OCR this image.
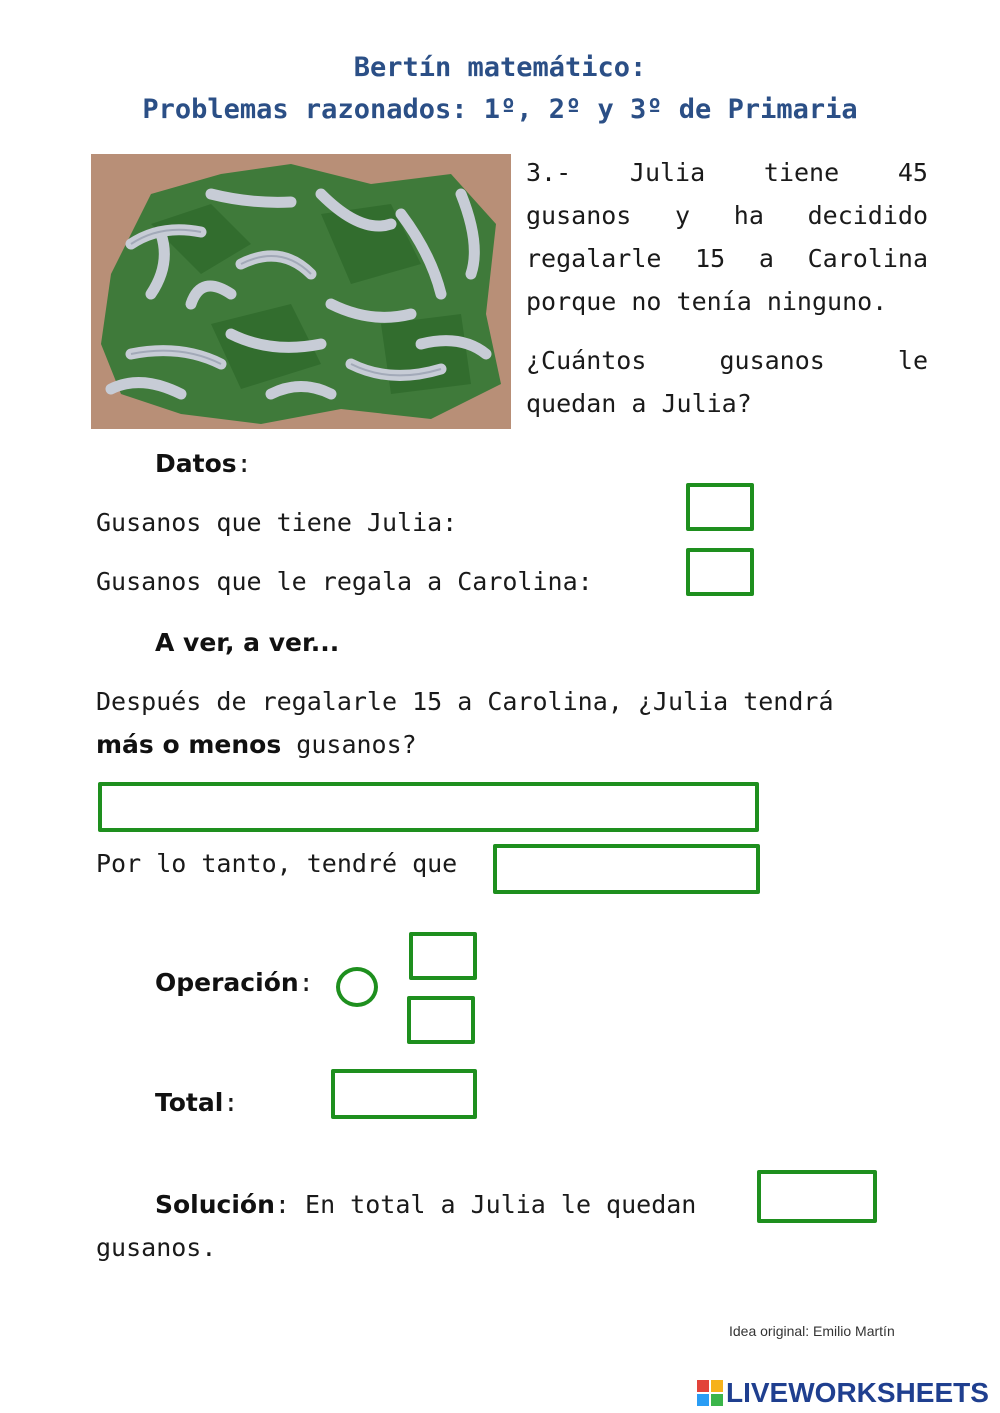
Bertín matemático:
Problemas razonados: 1º, 2º y 3º de Primaria
3.- Julia tiene 45
gusanos y ha decidido
regalarle 15 a Carolina
porque no tenía ninguno.
¿Cuántos gusanos le
quedan a Julia?
Datos:
Gusanos que tiene Julia:
Gusanos que le regala a Carolina:
A ver, a ver...
Después de regalarle 15 a Carolina, ¿Julia tendrá
más o menos gusanos?
Por lo tanto, tendré que
Operación:
Total:
Solución: En total a Julia le quedan
gusanos.
Idea original: Emilio Martín
LIVEWORKSHEETS
